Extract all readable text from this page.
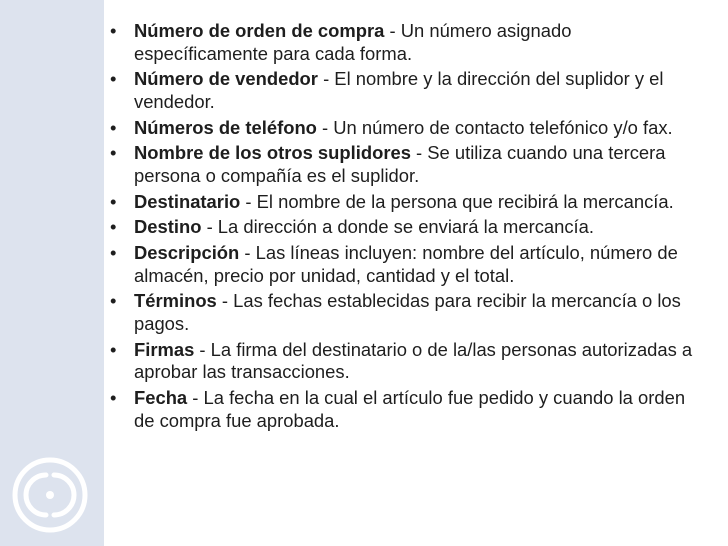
• Número de orden de compra - Un número asignado específicamente para cada forma.
• Número de vendedor - El nombre y la dirección del suplidor y el vendedor.
• Números de teléfono - Un número de contacto telefónico y/o fax.
• Nombre de los otros suplidores - Se utiliza cuando una tercera persona o compañía es el suplidor.
• Destinatario - El nombre de la persona que recibirá la mercancía.
• Destino - La dirección a donde se enviará la mercancía.
• Descripción - Las líneas incluyen: nombre del artículo, número de almacén, precio por unidad, cantidad y el total.
• Términos - Las fechas establecidas para recibir la mercancía o los pagos.
• Firmas - La firma del destinatario o de la/las personas autorizadas a aprobar las transacciones.
• Fecha - La fecha en la cual el artículo fue pedido y cuando la orden de compra fue aprobada.
